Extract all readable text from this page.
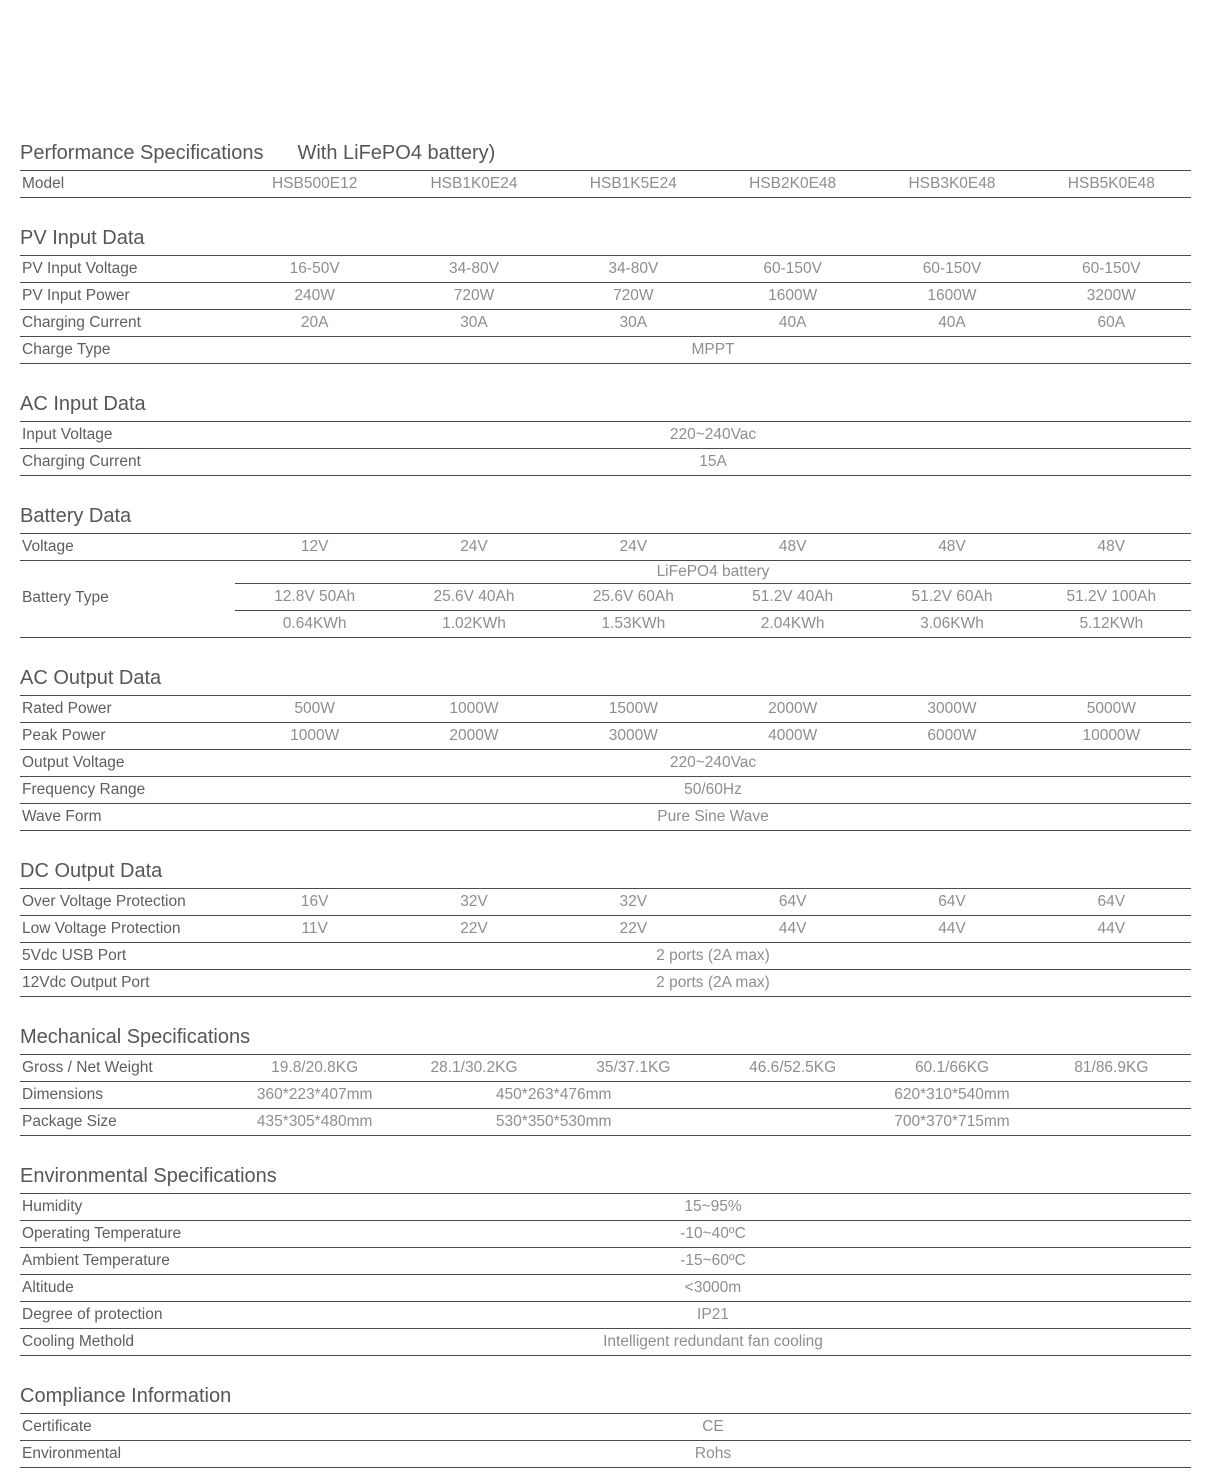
Performance Specifications With LiFePO4 battery)
Model	HSB500E12	HSB1K0E24	HSB1K5E24	HSB2K0E48	HSB3K0E48	HSB5K0E48
PV Input Data
PV Input Voltage	16-50V	34-80V	34-80V	60-150V	60-150V	60-150V
PV Input Power	240W	720W	720W	1600W	1600W	3200W
Charging Current	20A	30A	30A	40A	40A	60A
Charge Type	MPPT
AC Input Data
Input Voltage	220~240Vac
Charging Current	15A
Battery Data
Voltage	12V	24V	24V	48V	48V	48V
LiFePO4 battery
Battery Type	12.8V 50Ah	25.6V 40Ah	25.6V 60Ah	51.2V 40Ah	51.2V 60Ah	51.2V 100Ah
0.64KWh	1.02KWh	1.53KWh	2.04KWh	3.06KWh	5.12KWh
AC Output Data
Rated Power	500W	1000W	1500W	2000W	3000W	5000W
Peak Power	1000W	2000W	3000W	4000W	6000W	10000W
Output Voltage	220~240Vac
Frequency Range	50/60Hz
Wave Form	Pure Sine Wave
DC Output Data
Over Voltage Protection	16V	32V	32V	64V	64V	64V
Low Voltage Protection	11V	22V	22V	44V	44V	44V
5Vdc USB Port	2 ports (2A max)
12Vdc Output Port	2 ports (2A max)
Mechanical Specifications
Gross / Net Weight	19.8/20.8KG	28.1/30.2KG	35/37.1KG	46.6/52.5KG	60.1/66KG	81/86.9KG
Dimensions	360*223*407mm	450*263*476mm	620*310*540mm
Package Size	435*305*480mm	530*350*530mm	700*370*715mm
Environmental Specifications
Humidity	15~95%
Operating Temperature	-10~40ºC
Ambient Temperature	-15~60ºC
Altitude	<3000m
Degree of protection	IP21
Cooling Methold	Intelligent redundant fan cooling
Compliance Information
Certificate	CE
Environmental	Rohs
